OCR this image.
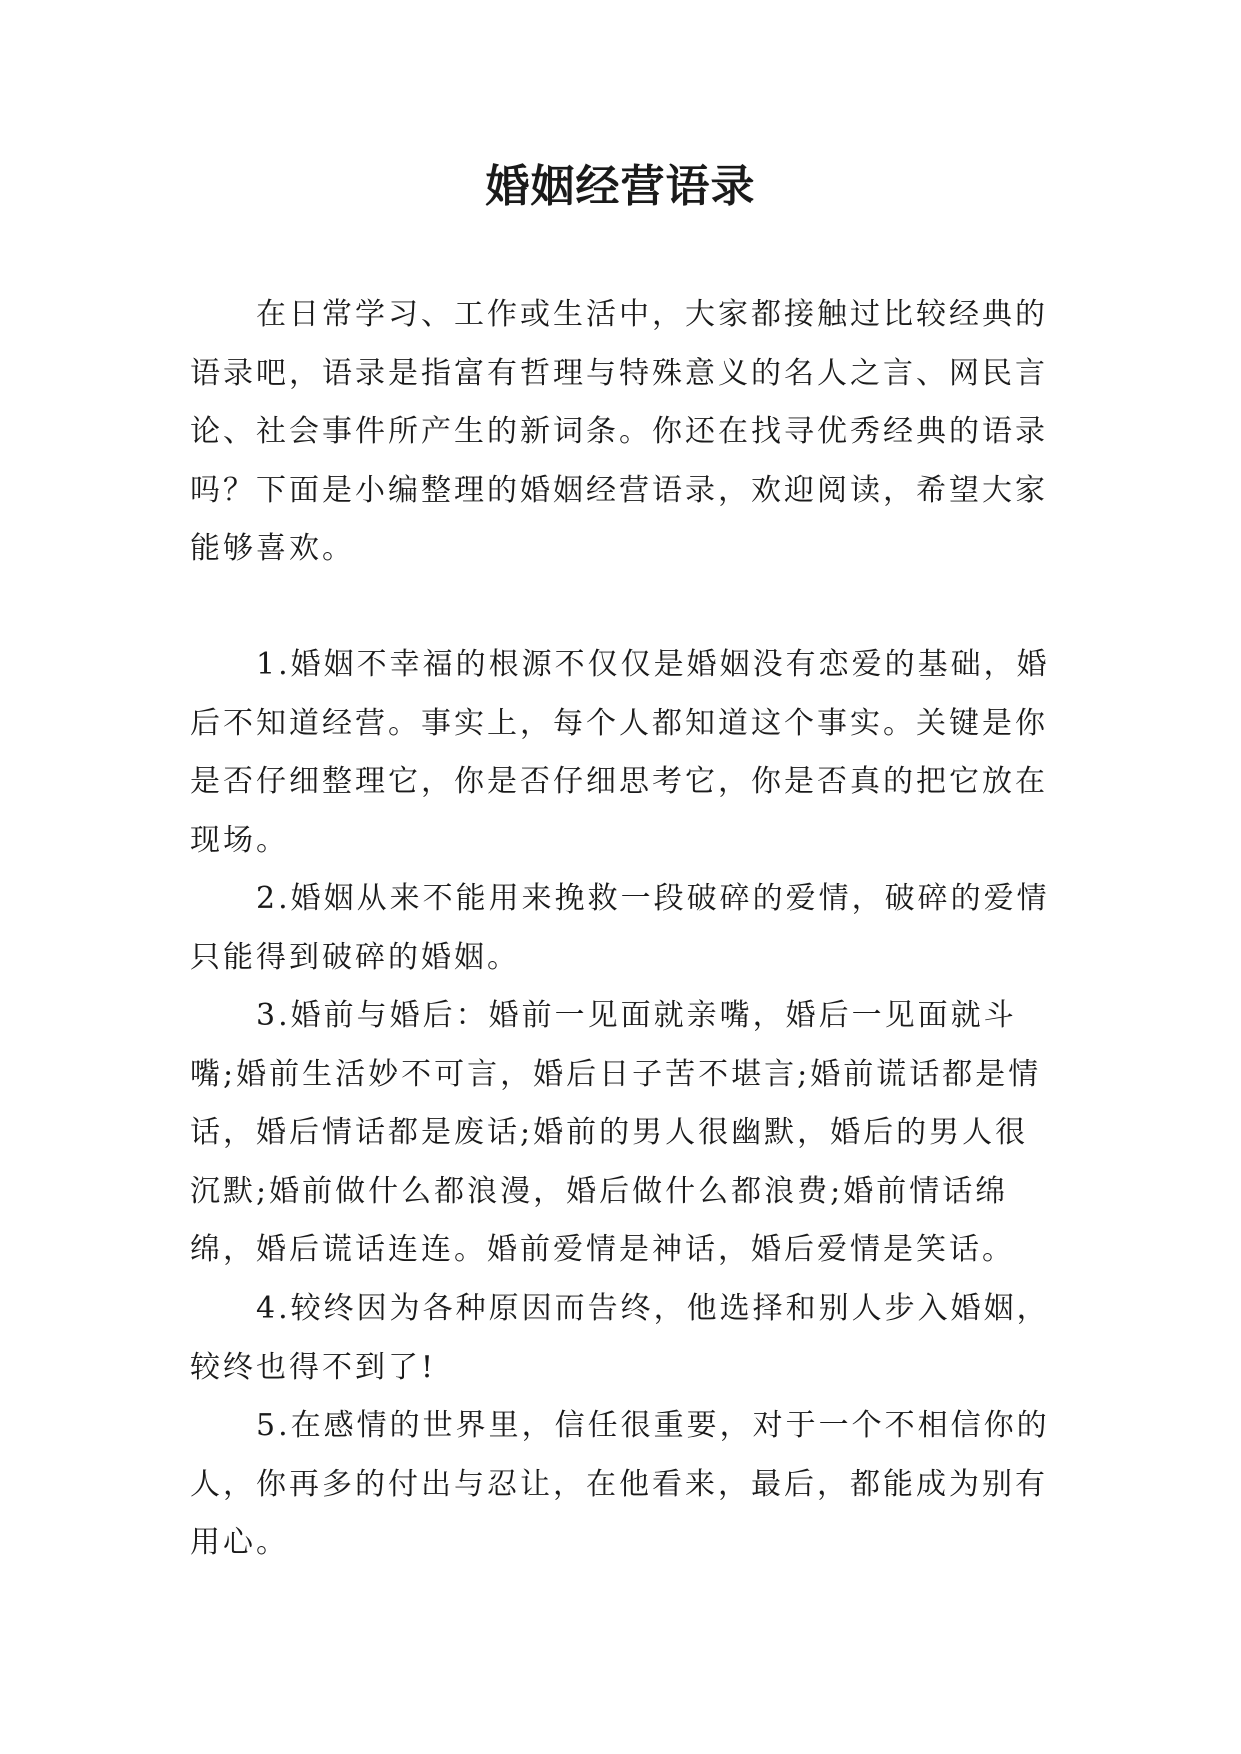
婚姻经营语录

在日常学习、工作或生活中，大家都接触过比较经典的语录吧，语录是指富有哲理与特殊意义的名人之言、网民言论、社会事件所产生的新词条。你还在找寻优秀经典的语录吗？下面是小编整理的婚姻经营语录，欢迎阅读，希望大家能够喜欢。

1.婚姻不幸福的根源不仅仅是婚姻没有恋爱的基础，婚后不知道经营。事实上，每个人都知道这个事实。关键是你是否仔细整理它，你是否仔细思考它，你是否真的把它放在现场。

2.婚姻从来不能用来挽救一段破碎的爱情，破碎的爱情只能得到破碎的婚姻。

3.婚前与婚后：婚前一见面就亲嘴，婚后一见面就斗嘴;婚前生活妙不可言，婚后日子苦不堪言;婚前谎话都是情话，婚后情话都是废话;婚前的男人很幽默，婚后的男人很沉默;婚前做什么都浪漫，婚后做什么都浪费;婚前情话绵绵，婚后谎话连连。婚前爱情是神话，婚后爱情是笑话。

4.较终因为各种原因而告终，他选择和别人步入婚姻，较终也得不到了!

5.在感情的世界里，信任很重要，对于一个不相信你的人，你再多的付出与忍让，在他看来，最后，都能成为别有用心。
